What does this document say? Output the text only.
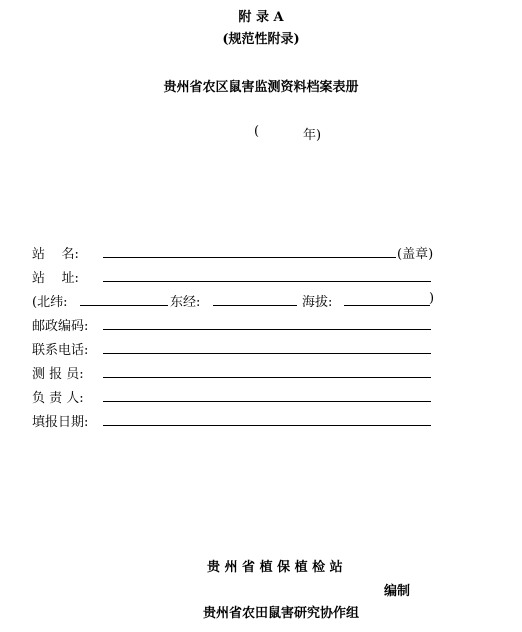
附 录 A
(规范性附录)
贵州省农区鼠害监测资料档案表册
(	年)
站    名:	(盖章)
站    址:
(北纬:	东经:	海拔:	)
邮政编码:
联系电话:
测 报 员:
负 责 人:
填报日期:
贵 州 省 植 保 植 检 站
编制
贵州省农田鼠害研究协作组
